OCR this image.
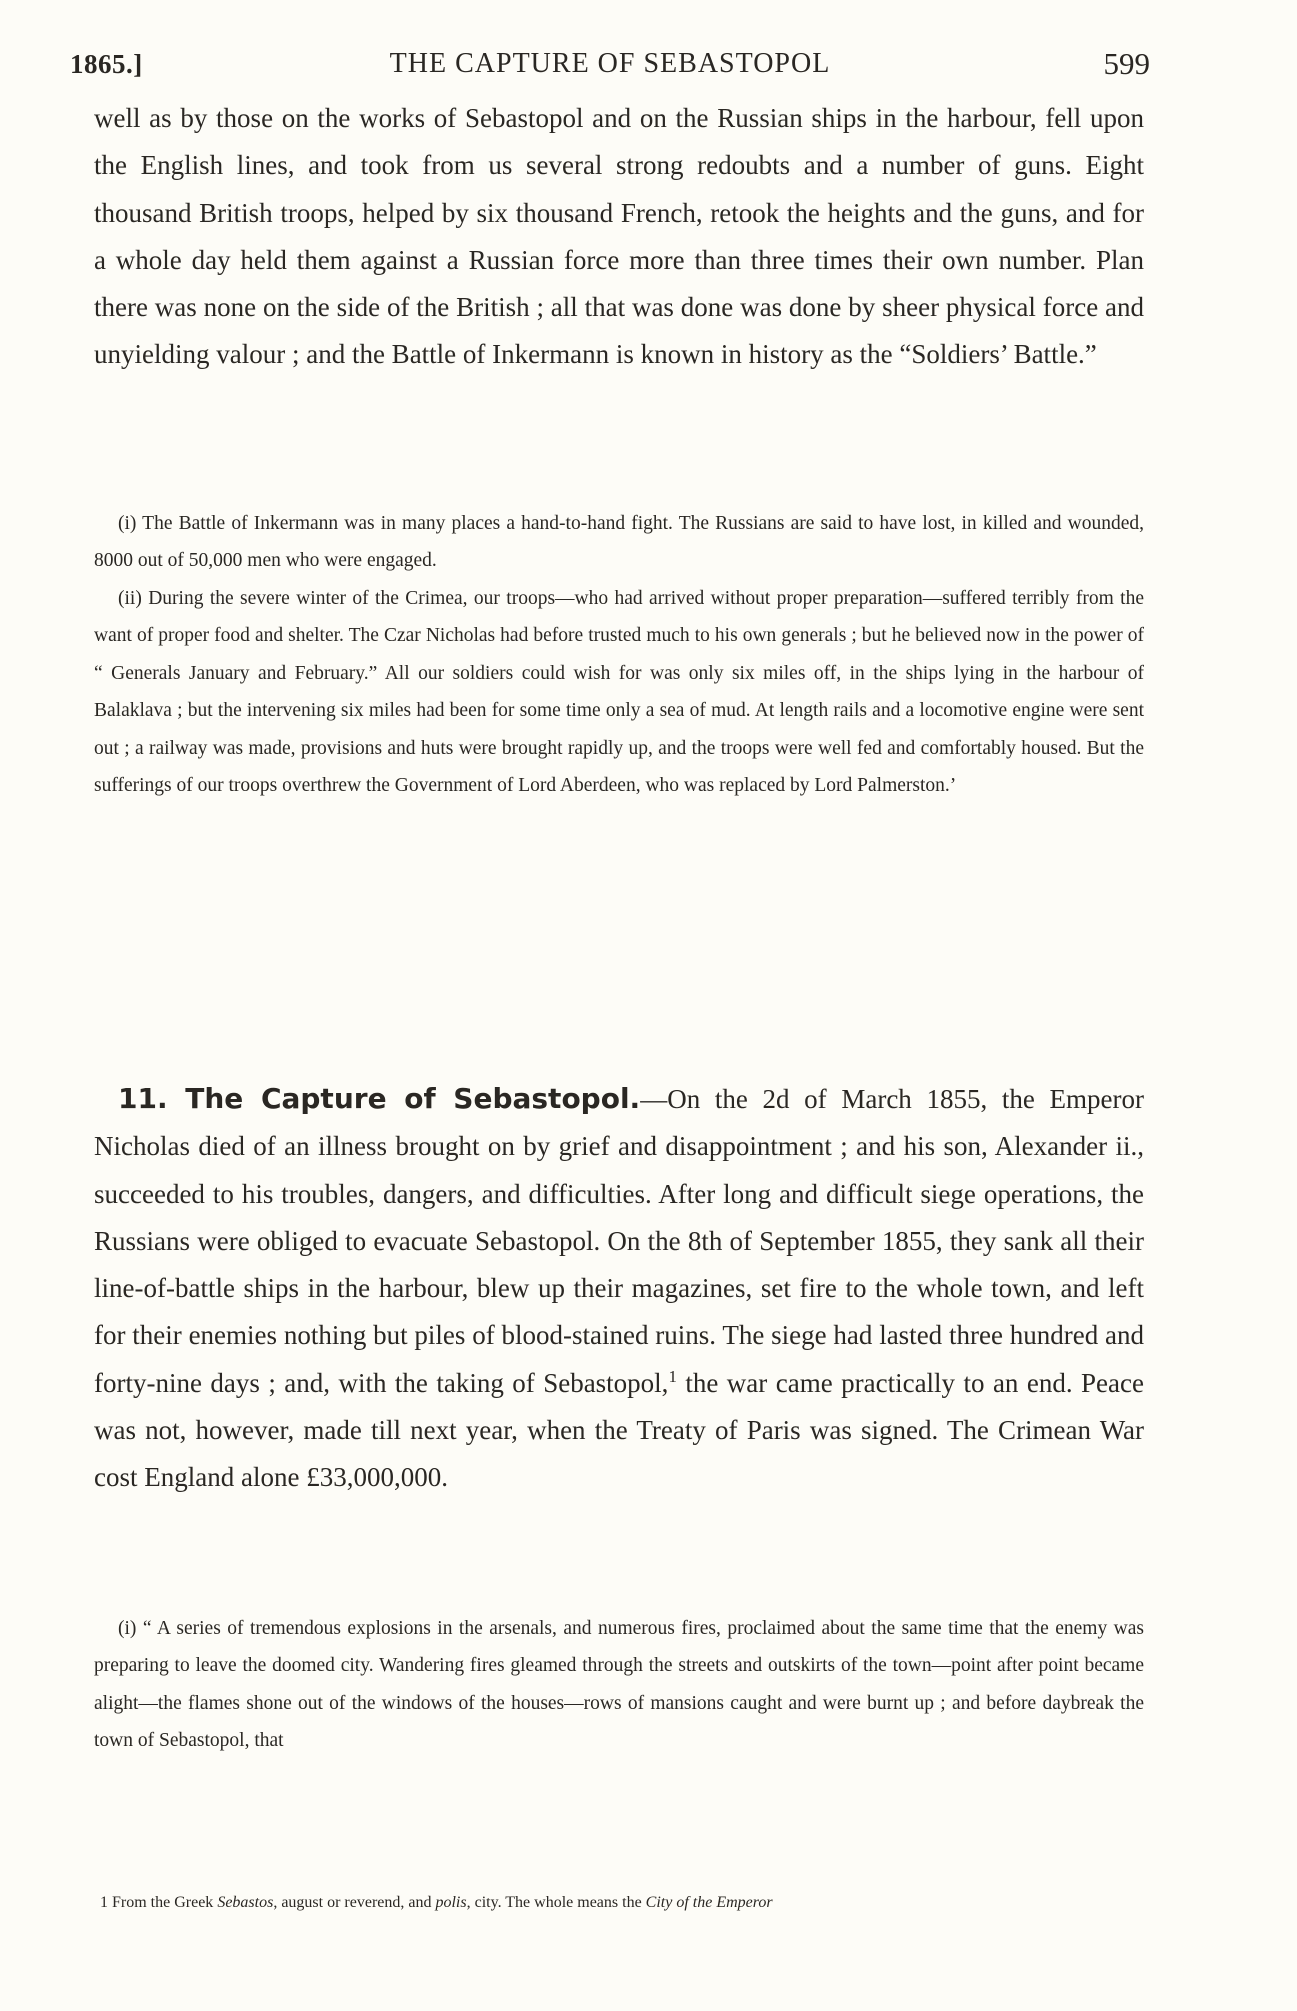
1865.]	THE CAPTURE OF SEBASTOPOL	599

well as by those on the works of Sebastopol and on the Russian ships in the harbour, fell upon the English lines, and took from us several strong redoubts and a number of guns. Eight thousand British troops, helped by six thousand French, retook the heights and the guns, and for a whole day held them against a Russian force more than three times their own number. Plan there was none on the side of the British ; all that was done was done by sheer physical force and unyielding valour ; and the Battle of Inkermann is known in history as the “Soldiers’ Battle.”

(i) The Battle of Inkermann was in many places a hand-to-hand fight. The Russians are said to have lost, in killed and wounded, 8000 out of 50,000 men who were engaged.

(ii) During the severe winter of the Crimea, our troops—who had arrived without proper preparation—suffered terribly from the want of proper food and shelter. The Czar Nicholas had before trusted much to his own generals ; but he believed now in the power of “ Generals January and February.” All our soldiers could wish for was only six miles off, in the ships lying in the harbour of Balaklava ; but the intervening six miles had been for some time only a sea of mud. At length rails and a locomotive engine were sent out ; a railway was made, provisions and huts were brought rapidly up, and the troops were well fed and comfortably housed. But the sufferings of our troops overthrew the Government of Lord Aberdeen, who was replaced by Lord Palmerston.’

11. The Capture of Sebastopol.—On the 2d of March 1855, the Emperor Nicholas died of an illness brought on by grief and disappointment ; and his son, Alexander ii., succeeded to his troubles, dangers, and difficulties. After long and difficult siege operations, the Russians were obliged to evacuate Sebastopol. On the 8th of September 1855, they sank all their line-of-battle ships in the harbour, blew up their magazines, set fire to the whole town, and left for their enemies nothing but piles of blood-stained ruins. The siege had lasted three hundred and forty-nine days ; and, with the taking of Sebastopol,$^1$ the war came practically to an end. Peace was not, however, made till next year, when the Treaty of Paris was signed. The Crimean War cost England alone £33,000,000.

(i) “ A series of tremendous explosions in the arsenals, and numerous fires, proclaimed about the same time that the enemy was preparing to leave the doomed city. Wandering fires gleamed through the streets and outskirts of the town—point after point became alight—the flames shone out of the windows of the houses—rows of mansions caught and were burnt up ; and before daybreak the town of Sebastopol, that

1 From the Greek Sebastos, august or reverend, and polis, city. The whole means the City of the Emperor
